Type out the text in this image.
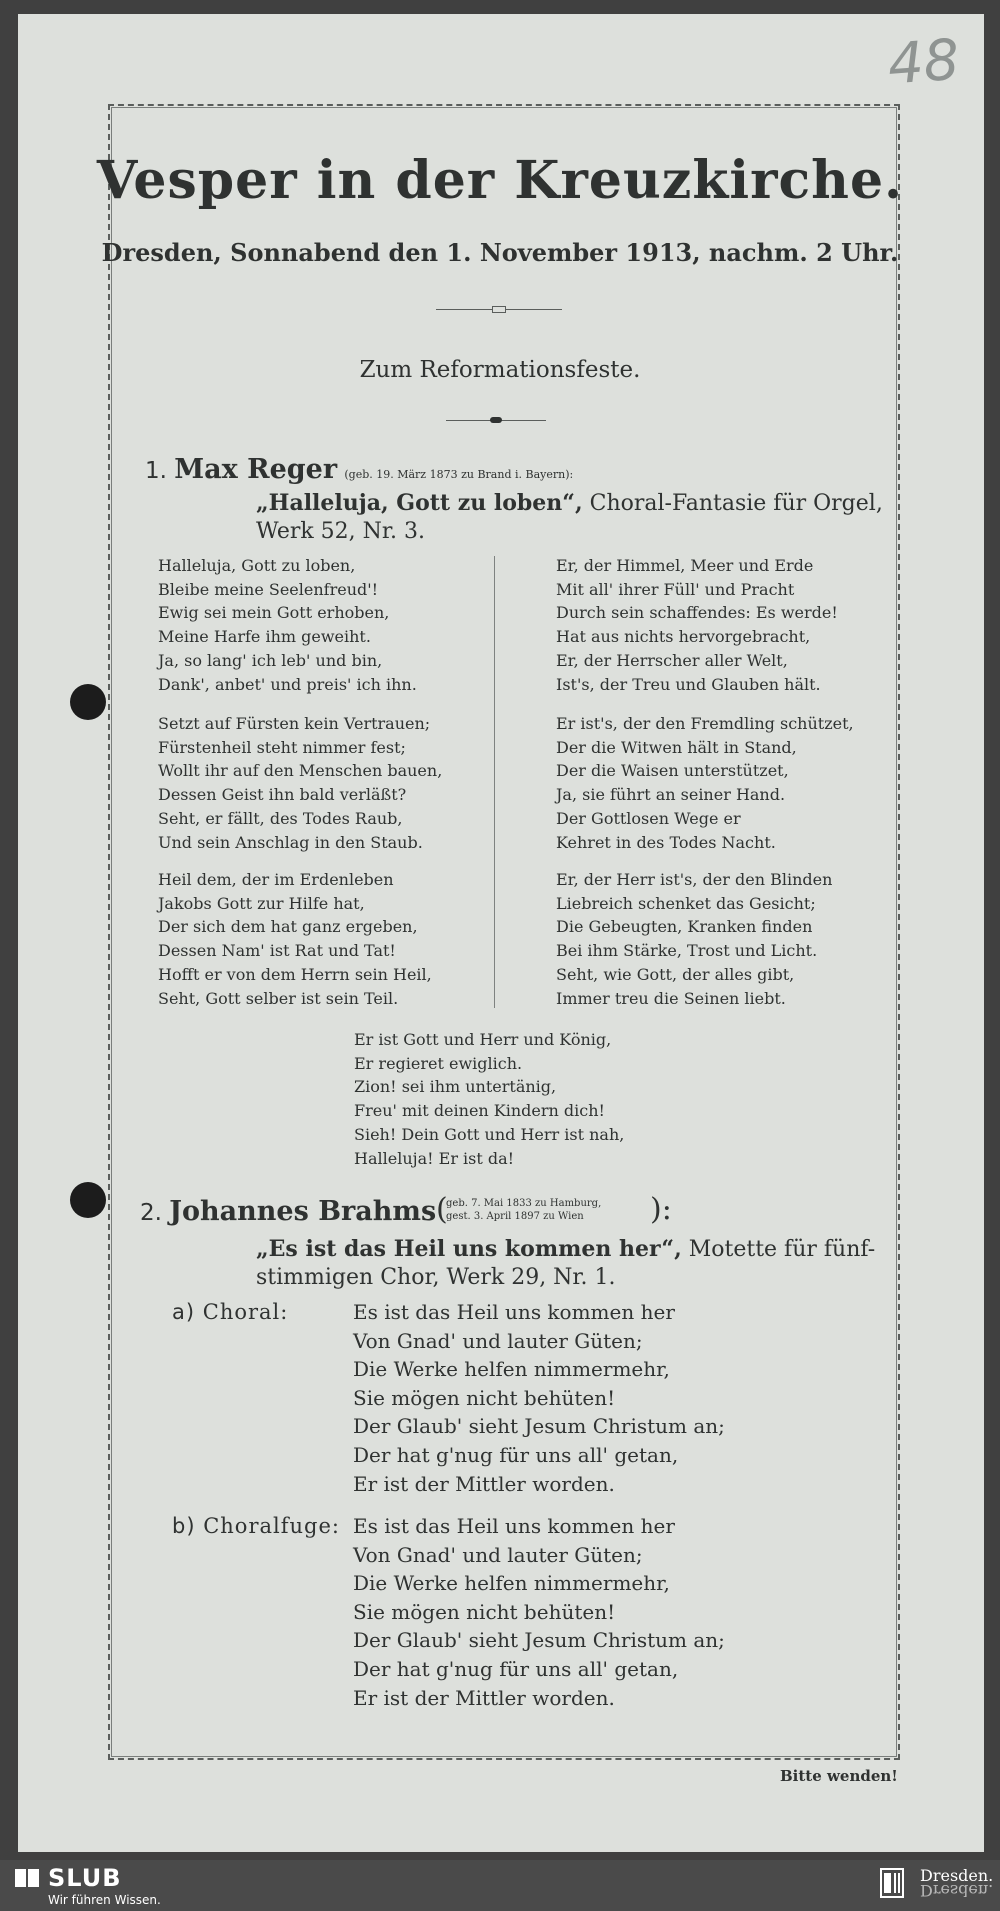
48
Vesper in der Kreuzkirche.
Dresden, Sonnabend den 1. November 1913, nachm. 2 Uhr.
Zum Reformationsfeste.
1. Max Reger (geb. 19. März 1873 zu Brand i. Bayern):
„Halleluja, Gott zu loben“, Choral-Fantasie für Orgel,
Werk 52, Nr. 3.
Halleluja, Gott zu loben,
Bleibe meine Seelenfreud'!
Ewig sei mein Gott erhoben,
Meine Harfe ihm geweiht.
Ja, so lang' ich leb' und bin,
Dank', anbet' und preis' ich ihn.
Setzt auf Fürsten kein Vertrauen;
Fürstenheil steht nimmer fest;
Wollt ihr auf den Menschen bauen,
Dessen Geist ihn bald verläßt?
Seht, er fällt, des Todes Raub,
Und sein Anschlag in den Staub.
Heil dem, der im Erdenleben
Jakobs Gott zur Hilfe hat,
Der sich dem hat ganz ergeben,
Dessen Nam' ist Rat und Tat!
Hofft er von dem Herrn sein Heil,
Seht, Gott selber ist sein Teil.
Er, der Himmel, Meer und Erde
Mit all' ihrer Füll' und Pracht
Durch sein schaffendes: Es werde!
Hat aus nichts hervorgebracht,
Er, der Herrscher aller Welt,
Ist's, der Treu und Glauben hält.
Er ist's, der den Fremdling schützet,
Der die Witwen hält in Stand,
Der die Waisen unterstützet,
Ja, sie führt an seiner Hand.
Der Gottlosen Wege er
Kehret in des Todes Nacht.
Er, der Herr ist's, der den Blinden
Liebreich schenket das Gesicht;
Die Gebeugten, Kranken finden
Bei ihm Stärke, Trost und Licht.
Seht, wie Gott, der alles gibt,
Immer treu die Seinen liebt.
Er ist Gott und Herr und König,
Er regieret ewiglich.
Zion! sei ihm untertänig,
Freu' mit deinen Kindern dich!
Sieh! Dein Gott und Herr ist nah,
Halleluja! Er ist da!
2. Johannes Brahms (
geb. 7. Mai 1833 zu Hamburg,
gest. 3. April 1897 zu Wien ):
„Es ist das Heil uns kommen her“, Motette für fünf-
stimmigen Chor, Werk 29, Nr. 1.
a) Choral:	Es ist das Heil uns kommen her
Von Gnad' und lauter Güten;
Die Werke helfen nimmermehr,
Sie mögen nicht behüten!
Der Glaub' sieht Jesum Christum an;
Der hat g'nug für uns all' getan,
Er ist der Mittler worden.
b) Choralfuge: Es ist das Heil uns kommen her
Von Gnad' und lauter Güten;
Die Werke helfen nimmermehr,
Sie mögen nicht behüten!
Der Glaub' sieht Jesum Christum an;
Der hat g'nug für uns all' getan,
Er ist der Mittler worden.
Bitte wenden!
SLUB
Wir führen Wissen.
Dresden.
Dresden.
